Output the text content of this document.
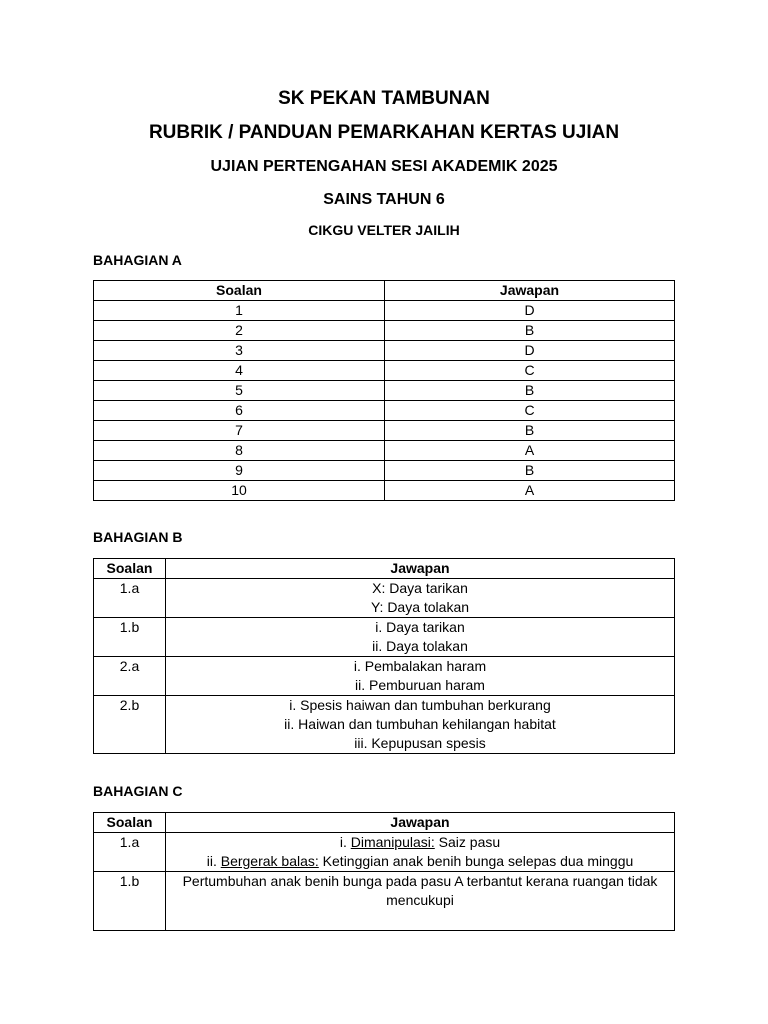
SK PEKAN TAMBUNAN
RUBRIK / PANDUAN PEMARKAHAN KERTAS UJIAN
UJIAN PERTENGAHAN SESI AKADEMIK 2025
SAINS TAHUN 6
CIKGU VELTER JAILIH

BAHAGIAN A

Soalan	Jawapan
1	D
2	B
3	D
4	C
5	B
6	C
7	B
8	A
9	B
10	A

BAHAGIAN B

Soalan	Jawapan
1.a	X: Daya tarikan
Y: Daya tolakan

1.b	i. Daya tarikan
ii. Daya tolakan

2.a	i. Pembalakan haram
ii. Pemburuan haram

2.b	i. Spesis haiwan dan tumbuhan berkurang
ii. Haiwan dan tumbuhan kehilangan habitat
iii. Kepupusan spesis

BAHAGIAN C

Soalan	Jawapan
1.a	i. Dimanipulasi: Saiz pasu
ii. Bergerak balas: Ketinggian anak benih bunga selepas dua minggu

1.b	Pertumbuhan anak benih bunga pada pasu A terbantut kerana ruangan tidak mencukupi
